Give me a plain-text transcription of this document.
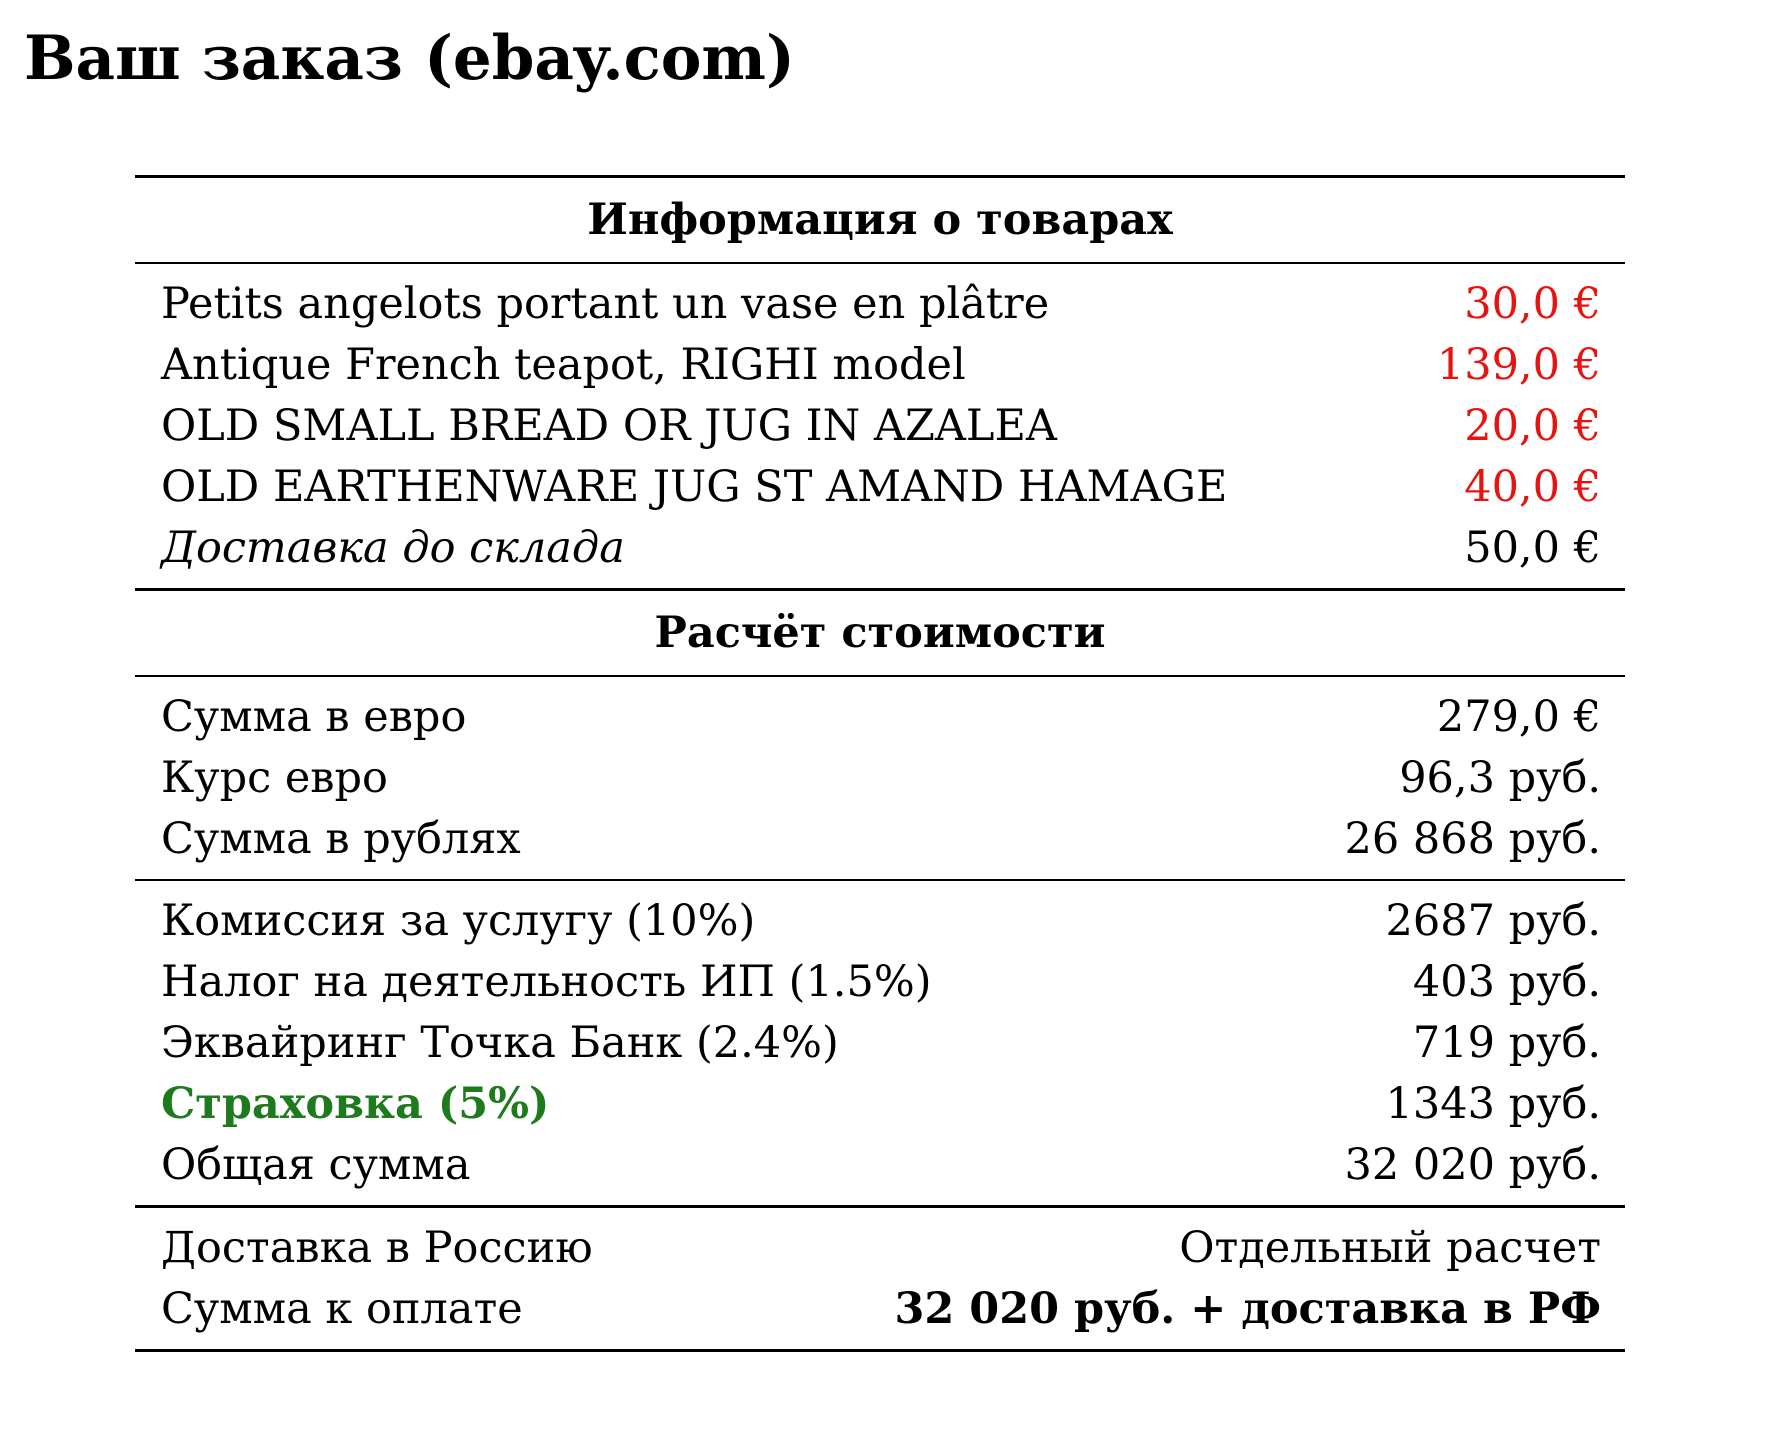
Ваш заказ (ebay.com)
Информация о товарах
Petits angelots portant un vase en plâtre	30,0 €
Antique French teapot, RIGHI model	139,0 €
OLD SMALL BREAD OR JUG IN AZALEA	20,0 €
OLD EARTHENWARE JUG ST AMAND HAMAGE	40,0 €
Доставка до склада	50,0 €
Расчёт стоимости
Сумма в евро	279,0 €
Курс евро	96,3 руб.
Сумма в рублях	26 868 руб.
Комиссия за услугу (10%)	2687 руб.
Налог на деятельность ИП (1.5%)	403 руб.
Эквайринг Точка Банк (2.4%)	719 руб.
Страховка (5%)	1343 руб.
Общая сумма	32 020 руб.
Доставка в Россию	Отдельный расчет
Сумма к оплате	32 020 руб. + доставка в РФ
